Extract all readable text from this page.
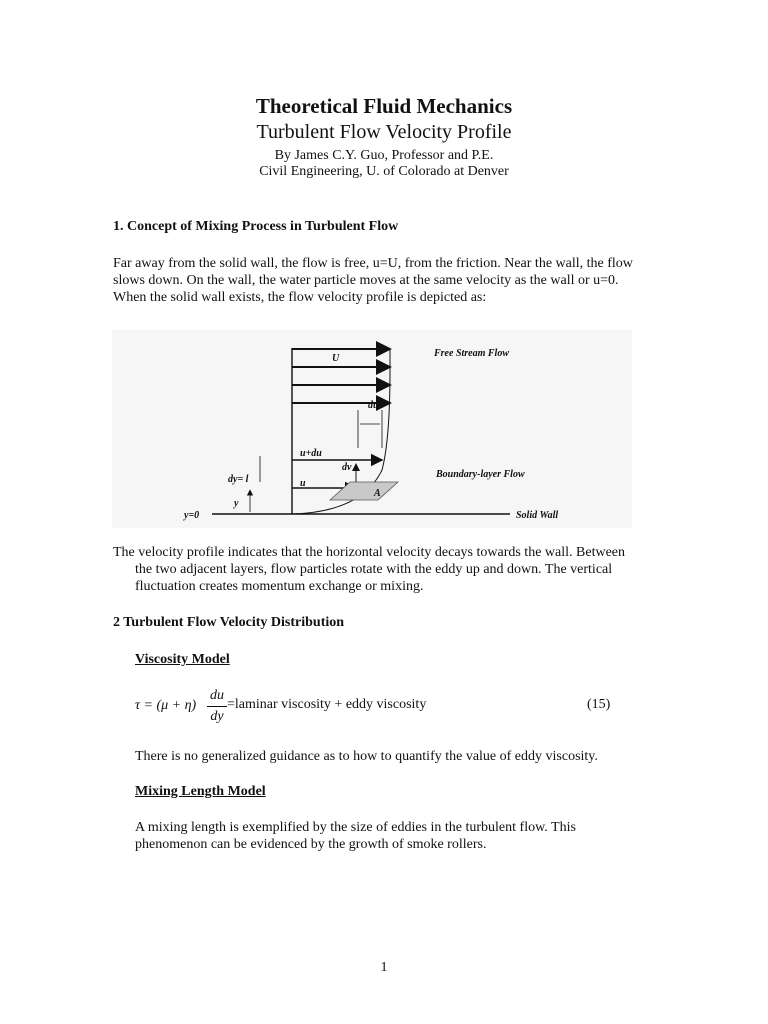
Theoretical Fluid Mechanics
Turbulent Flow Velocity Profile
By James C.Y. Guo, Professor and P.E.
Civil Engineering, U. of Colorado at Denver
1. Concept of Mixing Process in Turbulent Flow
Far away from the solid wall, the flow is free, u=U, from the friction. Near the wall, the flow
slows down. On the wall, the water particle moves at the same velocity as the wall or u=0.
When the solid wall exists, the flow velocity profile is depicted as:
U	Free Stream Flow
du
u+du
dv
Boundary-layer Flow
dy= l
y
u
A
y=0	Solid Wall
The velocity profile indicates that the horizontal velocity decays towards the wall. Between
the two adjacent layers, flow particles rotate with the eddy up and down. The vertical
fluctuation creates momentum exchange or mixing.
2 Turbulent Flow Velocity Distribution
Viscosity Model
τ = (μ + η)
du
dy
=laminar viscosity + eddy viscosity	(15)
There is no generalized guidance as to how to quantify the value of eddy viscosity.
Mixing Length Model
A mixing length is exemplified by the size of eddies in the turbulent flow. This
phenomenon can be evidenced by the growth of smoke rollers.
1
